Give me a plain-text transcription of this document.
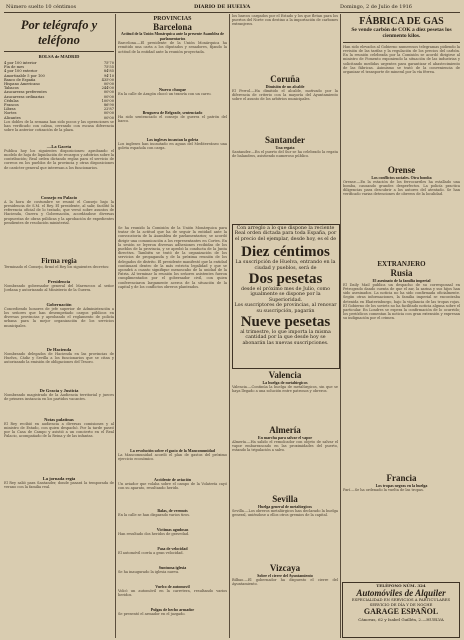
Número suelto 10 céntimos	DIARIO DE HUELVA	Domingo, 2 de Julio de 1916
Por telégrafo y teléfono
BOLSA de MADRID
4 por 100 interior	75'70
Fin de mes	75'55
4 por 100 exterior	84'85
Amortizable 5 por 100	94'10
Banco de España	435'00
Hispano Americano	00'00
Tabacos	244'00
Azucareras preferentes	00'00
Azucareras ordinarias	00'00
Cédulas	100'00
Francos	86'90
Libras	22'87
Nortes	00'00
Alicantes	00'00
Los dobles de la semana han sido pocos y las operaciones se han verificado con calma, cerrando con escasa diferencia sobre la anterior cotización de la plaza.
—La Gaceta
Publica hoy los siguientes disposiciones: aprobando el modelo de hoja de liquidación de recargos y arbitrios sobre la contribución; Real orden dictando reglas para el servicio de correos en los pueblos de la provincia y otras disposiciones de carácter general que interesan a los funcionarios.
Consejo en Palacio
A la hora de costumbre se reunió el Consejo bajo la presidencia de S.M. el Rey. El presidente, al salir, facilitó la referencia oficial de lo tratado, que versó sobre asuntos de Hacienda, Guerra y Gobernación, acordándose diversas propuestas de obras públicas y la aprobación de expedientes pendientes de resolución ministerial.
Firma regia
Terminado el Consejo, firmó el Rey los siguientes decretos:
Presidencia
Nombrando gobernador general del Marruecos al señor Jordana y autorizando al Ministerio de la Guerra.
Gobernación
Concediendo honores de jefe superior de Administración a los señores que han desempeñado cargos públicos en diversas provincias y aprobando el reglamento de policía urbana para la mejor organización de los servicios municipales.
De Hacienda
Nombrando delegados de Hacienda en las provincias de Huelva, Cádiz y Sevilla a los funcionarios que se citan y autorizando la emisión de obligaciones del Tesoro.
De Gracia y Justicia
Nombrando magistrado de la Audiencia territorial y jueces de primera instancia en los partidos vacantes.
Notas palatinas
El Rey recibió en audiencia a diversas comisiones y al ministro de Estado, con quien despachó. Por la tarde paseó por la Casa de Campo y asistió a un concierto en el Real Palacio, acompañado de la Reina y de las infantas.
La jornada regia
El Rey salió para Santander, donde pasará la temporada de verano con la familia real.
PROVINCIAS
Barcelona
Actitud de la Unión Monárquica ante la presente Asamblea de parlamentarios
Barcelona.—El presidente de la Unión Monárquica ha remitido una carta a los diputados y senadores, fijando la actitud de la entidad ante la reunión proyectada.
Nuevo choque
En la calle de Aragón chocó un tranvía con un carro.
Bruguera de Belgrade, sentenciado
Ha sido sentenciado el consejo de guerra el patrón del barco.
Los ingleses incautan la goleta
Los ingleses han incautado en aguas del Mediterráneo una goleta española con carga.
La revolución sobre el gasto de la Mancomunidad
La Mancomunidad acordó el plan de gastos del próximo ejercicio económico.
Accidente de aviación
Un aviador que volaba sobre el campo de la Volatería cayó con su aparato, resultando herido.
Balas, de vermuts
En la calle se han disparado varios tiros.
Victimas agudosas
Han resultado dos heridos de gravedad.
Pasa de velocidad
El automóvil corría a gran velocidad.
Suntuosa iglesia
Se ha inaugurado la iglesia nueva.
Vuelco de automovil
Volcó un automóvil en la carretera, resultando varios heridos.
Pulgas de hecho armador
Se presentó el armador en el juzgado.
los barcos cargados por el Estado y los que fletan para los puertos del Norte con destino a la importación de carbones extranjeros.
Coruña
Dimisión de un alcalde
El Ferrol.—Ha dimitido el alcalde, motivado por la diferencia de criterio con la mayoría del Ayuntamiento sobre el asunto de los arbitrios municipales.
Santander
Una regata
Santander.—En el puerto del Sur se ha celebrado la regata de balandros, asistiendo numeroso público.
Con arreglo a lo que dispone la reciente Real orden dictada para toda España, por el precio del ejemplar, desde hoy, es el de
Diez céntimos
La suscripción de Huelva, entrando en la ciudad y pueblos, será de
Dos pesetas
desde el próximo mes de Julio, como igualmente se dispone por la Superioridad.
Los suscriptores de provincias, al renovar su suscripción, pagarán
Nueve pesetas
al trimestre, lo que importa la misma cantidad por la que desde hoy se abonarán las nuevas suscripciones.
Se ha reunido la Comisión de la Unión Monárquica para tratar de la actitud que ha de seguir la entidad ante la convocatoria de la Asamblea de parlamentarios; se acordó dirigir una comunicación a los representantes en Cortes. En la sesión se leyeron diversas adhesiones recibidas de los pueblos de la provincia, y se aprobó la conducta de la Junta directiva. También se trató de la organización de los servicios de propaganda y de la próxima reunión de los delegados de distrito. El presidente manifestó que la entidad continuará dentro de la más estricta legalidad y que se opondrá a cuanto signifique menoscabo de la unidad de la Patria. Al terminar la reunión los señores asistentes fueron cumplimentados por el gobernador civil, con quien conferenciaron largamente acerca de la situación de la capital y de los conflictos obreros planteados.
Valencia
La huelga de metalúrgicos
Valencia.—Continúa la huelga de metalúrgicos, sin que se haya llegado a una solución entre patronos y obreros.
Almería
En marcha para salvar el vapor
Almería.—Ha salido el remolcador con objeto de salvar el vapor embarrancado en las proximidades del puerto, estando la tripulación a salvo.
Sevilla
Huelga general de metalúrgicos
Sevilla.—Los obreros metalúrgicos han declarado la huelga general, uniéndose a ellos otros gremios de la capital.
Vizcaya
Sobre el cierre del Ayuntamiento
Bilbao.—El gobernador ha dispuesto el cierre del Ayuntamiento.
FÁBRICA DE GAS
Se vende carbón de COK a diez pesetas los cienmento kilos.
Han sido elevados al Gobierno numerosos telegramas pidiendo la revisión de las tarifas y la regulación de los precios del carbón. En la reunión celebrada por la Comisión se acordó dirigirse al ministro de Fomento exponiendo la situación de las industrias y solicitando medidas urgentes para garantizar el abastecimiento de las fábricas. Asimismo se trató de la conveniencia de organizar el transporte de mineral por la vía férrea.
Orense
Los conflictos sociales. Otra bomba
Orense.—En la estación de los ferrocarriles ha estallado una bomba, causando grandes desperfectos. La policía practica diligencias para descubrir a los autores del atentado. Se han verificado varias detenciones de obreros de la localidad.
EXTRANJERO
Rusia
El asesinato de la familia imperial
El Daily Mail publica un despacho de su corresponsal en Petrogrado dando cuenta de que el zar, la zarina y sus hijos han sido asesinados. La noticia no ha sido confirmada oficialmente. Según otras informaciones, la familia imperial se encontraba detenida en Ekaterinburgo, bajo la vigilancia de las tropas rojas. El Gobierno de los soviets no ha facilitado noticia alguna sobre el particular. En Londres se espera la confirmación de lo ocurrido; los periódicos comentan la noticia con gran extensión y expresan su indignación por el crimen.
Francia
Los tropas negras en la huelga
Parí.—Se ha ordenado la vuelta de las tropas.
TELÉFONO NÚM. 324
Automóviles de Alquiler
ESPECIALIDAD EN SERVICIOS A PARTICULARES
SERVICIO DE DÍA Y DE NOCHE
GARAGE ESPAÑOL
Cánovas, 62 y Isabel Guillén, 2.—HUELVA
